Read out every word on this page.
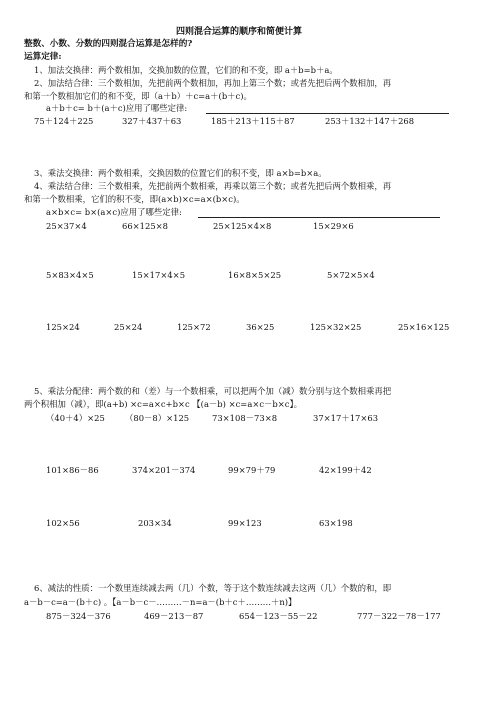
四则混合运算的顺序和简便计算
整数、小数、分数的四则混合运算是怎样的?
运算定律:
1、加法交换律：两个数相加，交换加数的位置，它们的和不变，即 a＋b=b＋a。
2、加法结合律：三个数相加，先把前两个数相加，再加上第三个数；或者先把后两个数相加，再
和第一个数相加它们的和不变，即（a＋b）＋c=a＋(b＋c)。
a＋b＋c= b＋(a＋c)应用了哪些定律:
75＋124＋225	327＋437＋63	185＋213＋115＋87	253＋132＋147＋268
3、乘法交换律：两个数相乘，交换因数的位置它们的积不变，即 a×b=b×a。
4、乘法结合律：三个数相乘，先把前两个数相乘，再乘以第三个数；或者先把后两个数相乘，再
和第一个数相乘，它们的积不变，即(a×b)×c=a×(b×c)。
a×b×c= b×(a×c)应用了哪些定律:
25×37×4	66×125×8	25×125×4×8	15×29×6
5×83×4×5	15×17×4×5	16×8×5×25	5×72×5×4
125×24	25×24	125×72	36×25	125×32×25	25×16×125
5、乘法分配律：两个数的和（差）与一个数相乘，可以把两个加（减）数分别与这个数相乘再把
两个积相加（减），即(a+b) ×c=a×c+b×c 【(a－b) ×c=a×c－b×c】。
（40＋4）×25 （80－8）×125	73×108－73×8	37×17＋17×63
101×86－86	374×201－374	99×79＋79	42×199＋42
102×56	203×34	99×123	63×198
6、减法的性质：一个数里连续减去两（几）个数，等于这个数连续减去这两（几）个数的和，即
a－b－c=a－(b＋c) 。【a－b－c－………－n=a－(b＋c＋………＋n)】
875－324－376	469－213－87	654－123－55－22	777－322－78－177
